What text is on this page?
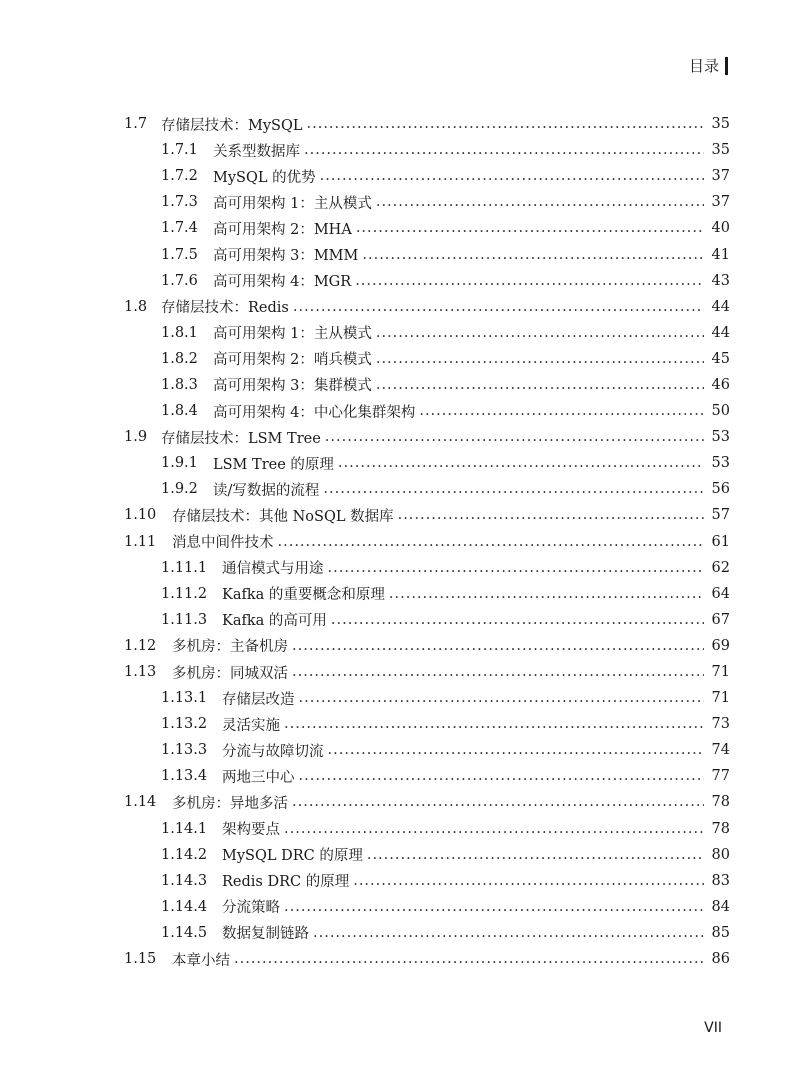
目录
1.7 存储层技术：MySQL .....	35
1.7.1	关系型数据库 .....	35
1.7.2	MySQL 的优势 .....	37
1.7.3	高可用架构 1：主从模式 .....	37
1.7.4	高可用架构 2：MHA .....	40
1.7.5	高可用架构 3：MMM .....	41
1.7.6	高可用架构 4：MGR .....	43
1.8 存储层技术：Redis .....	44
1.8.1	高可用架构 1：主从模式 .....	44
1.8.2	高可用架构 2：哨兵模式 .....	45
1.8.3	高可用架构 3：集群模式 .....	46
1.8.4	高可用架构 4：中心化集群架构 .....	50
1.9 存储层技术：LSM Tree .....	53
1.9.1	LSM Tree 的原理 .....	53
1.9.2	读/写数据的流程 .....	56
1.10	存储层技术：其他 NoSQL 数据库 .....	57
1.11	消息中间件技术 .....	61
1.11.1	通信模式与用途 .....	62
1.11.2	Kafka 的重要概念和原理 .....	64
1.11.3	Kafka 的高可用 .....	67
1.12	多机房：主备机房 .....	69
1.13	多机房：同城双活 .....	71
1.13.1	存储层改造 .....	71
1.13.2	灵活实施 .....	73
1.13.3	分流与故障切流 .....	74
1.13.4	两地三中心 .....	77
1.14	多机房：异地多活 .....	78
1.14.1	架构要点 .....	78
1.14.2	MySQL DRC 的原理 .....	80
1.14.3	Redis DRC 的原理 .....	83
1.14.4	分流策略 .....	84
1.14.5	数据复制链路 .....	85
1.15	本章小结 .....	86
VII
